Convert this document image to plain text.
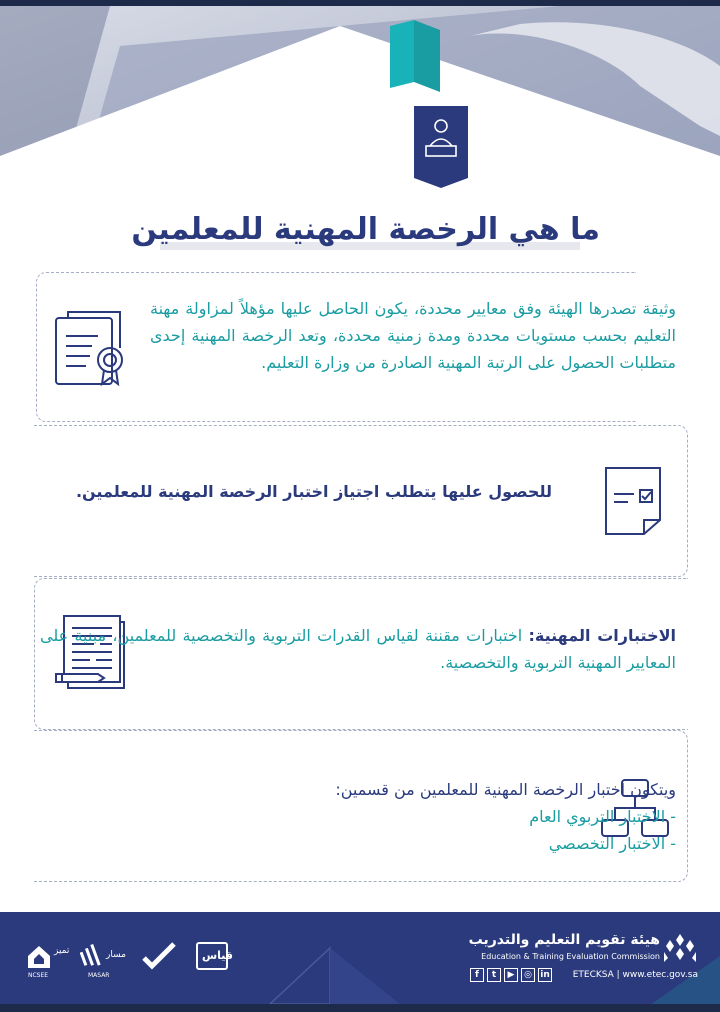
ما هي الرخصة المهنية للمعلمين

وثيقة تصدرها الهيئة وفق معايير محددة، يكون الحاصل عليها مؤهلاً لمزاولة مهنة التعليم بحسب مستويات محددة ومدة زمنية محددة، وتعد الرخصة المهنية إحدى متطلبات الحصول على الرتبة المهنية الصادرة من وزارة التعليم.

للحصول عليها يتطلب اجتياز اختبار الرخصة المهنية للمعلمين.

الاختبارات المهنية: اختبارات مقننة لقياس القدرات التربوية والتخصصية للمعلمين، مبنية على المعايير المهنية التربوية والتخصصية.

ويتكون اختبار الرخصة المهنية للمعلمين من قسمين:
- الاختبار التربوي العام
- الاختبار التخصصي
هيئة تقويم التعليم والتدريب
Education & Training Evaluation Commission
f	t	▶	◎ in	ETECKSA | www.etec.gov.sa
تميز
NCSEE
مسار
MASAR
قياس
